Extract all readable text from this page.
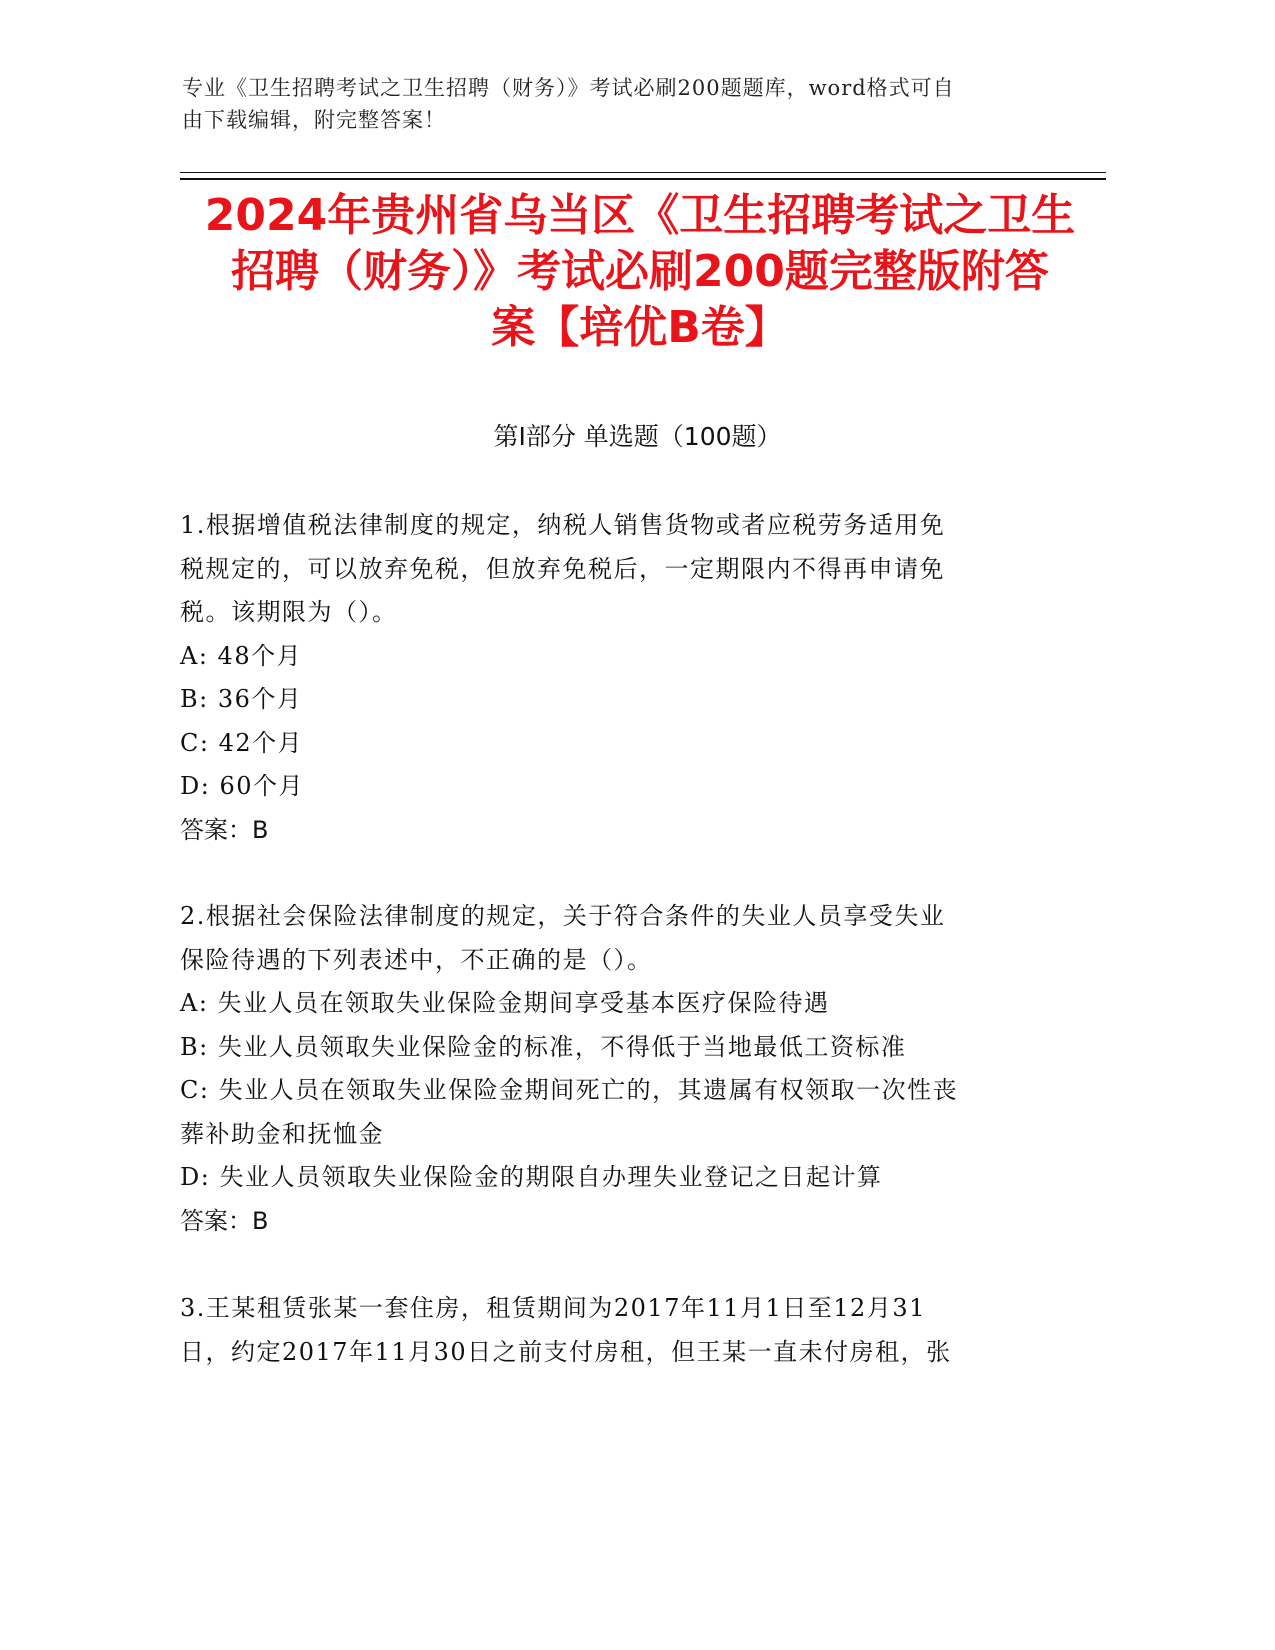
专业《卫生招聘考试之卫生招聘（财务）》考试必刷200题题库，word格式可自
由下载编辑，附完整答案！
2024年贵州省乌当区《卫生招聘考试之卫生
招聘（财务）》考试必刷200题完整版附答
案【培优B卷】
第Ⅰ部分 单选题（100题）
1.根据增值税法律制度的规定，纳税人销售货物或者应税劳务适用免
税规定的，可以放弃免税，但放弃免税后，一定期限内不得再申请免
税。该期限为（）。
A: 48个月
B: 36个月
C: 42个月
D: 60个月
答案：B
2.根据社会保险法律制度的规定，关于符合条件的失业人员享受失业
保险待遇的下列表述中，不正确的是（）。
A: 失业人员在领取失业保险金期间享受基本医疗保险待遇
B: 失业人员领取失业保险金的标准，不得低于当地最低工资标准
C: 失业人员在领取失业保险金期间死亡的，其遗属有权领取一次性丧
葬补助金和抚恤金
D: 失业人员领取失业保险金的期限自办理失业登记之日起计算
答案：B
3.王某租赁张某一套住房，租赁期间为2017年11月1日至12月31
日，约定2017年11月30日之前支付房租，但王某一直未付房租，张
